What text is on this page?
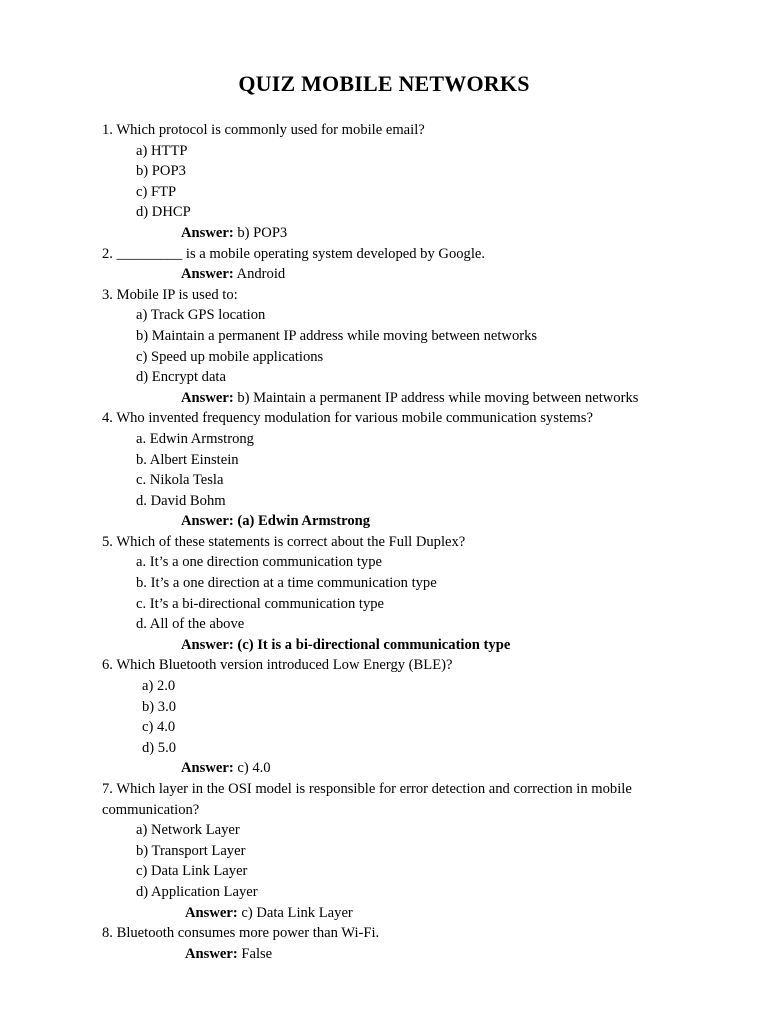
QUIZ MOBILE NETWORKS
1. Which protocol is commonly used for mobile email?
a) HTTP
b) POP3
c) FTP
d) DHCP
Answer: b) POP3
2. _________ is a mobile operating system developed by Google.
Answer: Android
3. Mobile IP is used to:
a) Track GPS location
b) Maintain a permanent IP address while moving between networks
c) Speed up mobile applications
d) Encrypt data
Answer: b) Maintain a permanent IP address while moving between networks
4. Who invented frequency modulation for various mobile communication systems?
a. Edwin Armstrong
b. Albert Einstein
c. Nikola Tesla
d. David Bohm
Answer: (a) Edwin Armstrong
5. Which of these statements is correct about the Full Duplex?
a. It’s a one direction communication type
b. It’s a one direction at a time communication type
c. It’s a bi-directional communication type
d. All of the above
Answer: (c) It is a bi-directional communication type
6. Which Bluetooth version introduced Low Energy (BLE)?
a) 2.0
b) 3.0
c) 4.0
d) 5.0
Answer: c) 4.0
7. Which layer in the OSI model is responsible for error detection and correction in mobile communication?
a) Network Layer
b) Transport Layer
c) Data Link Layer
d) Application Layer
Answer: c) Data Link Layer
8. Bluetooth consumes more power than Wi-Fi.
Answer: False
